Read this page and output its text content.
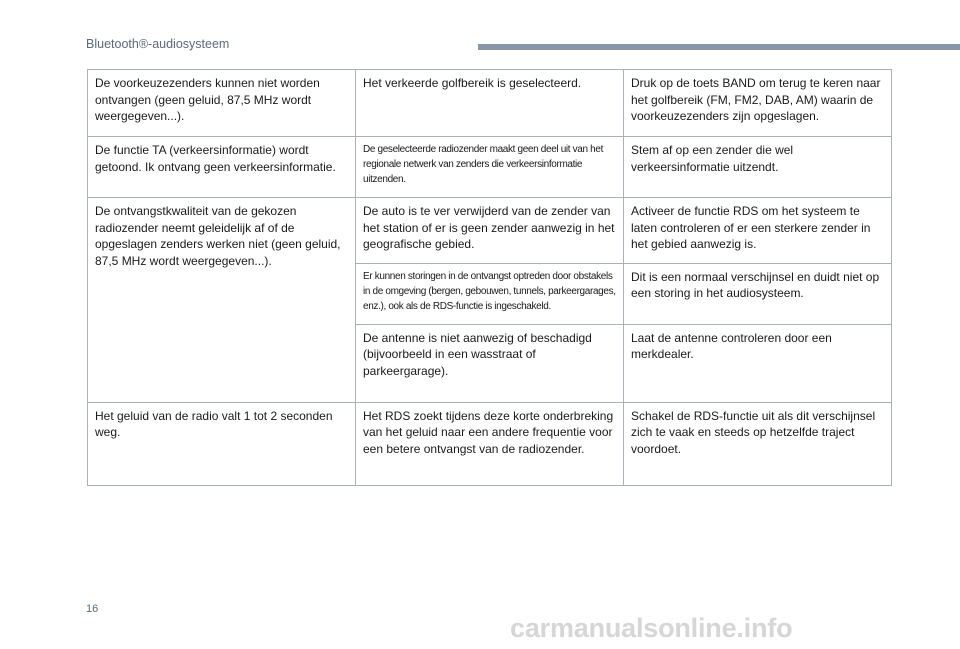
Bluetooth®-audiosysteem
De voorkeuzezenders kunnen niet worden ontvangen (geen geluid, 87,5 MHz wordt weergegeven...).	Het verkeerde golfbereik is geselecteerd.	Druk op de toets BAND om terug te keren naar het golfbereik (FM, FM2, DAB, AM) waarin de voorkeuzezenders zijn opgeslagen.
De functie TA (verkeersinformatie) wordt getoond. Ik ontvang geen verkeersinformatie.	De geselecteerde radiozender maakt geen deel uit van het regionale netwerk van zenders die verkeersinformatie uitzenden.	Stem af op een zender die wel verkeersinformatie uitzendt.
De ontvangstkwaliteit van de gekozen radiozender neemt geleidelijk af of de opgeslagen zenders werken niet (geen geluid, 87,5 MHz wordt weergegeven...).	De auto is te ver verwijderd van de zender van het station of er is geen zender aanwezig in het geografische gebied.	Activeer de functie RDS om het systeem te laten controleren of er een sterkere zender in het gebied aanwezig is.
	Er kunnen storingen in de ontvangst optreden door obstakels in de omgeving (bergen, gebouwen, tunnels, parkeergarages, enz.), ook als de RDS-functie is ingeschakeld.	Dit is een normaal verschijnsel en duidt niet op een storing in het audiosysteem.
	De antenne is niet aanwezig of beschadigd (bijvoorbeeld in een wasstraat of parkeergarage).	Laat de antenne controleren door een merkdealer.
Het geluid van de radio valt 1 tot 2 seconden weg.	Het RDS zoekt tijdens deze korte onderbreking van het geluid naar een andere frequentie voor een betere ontvangst van de radiozender.	Schakel de RDS-functie uit als dit verschijnsel zich te vaak en steeds op hetzelfde traject voordoet.
16
carmanualsonline.info
